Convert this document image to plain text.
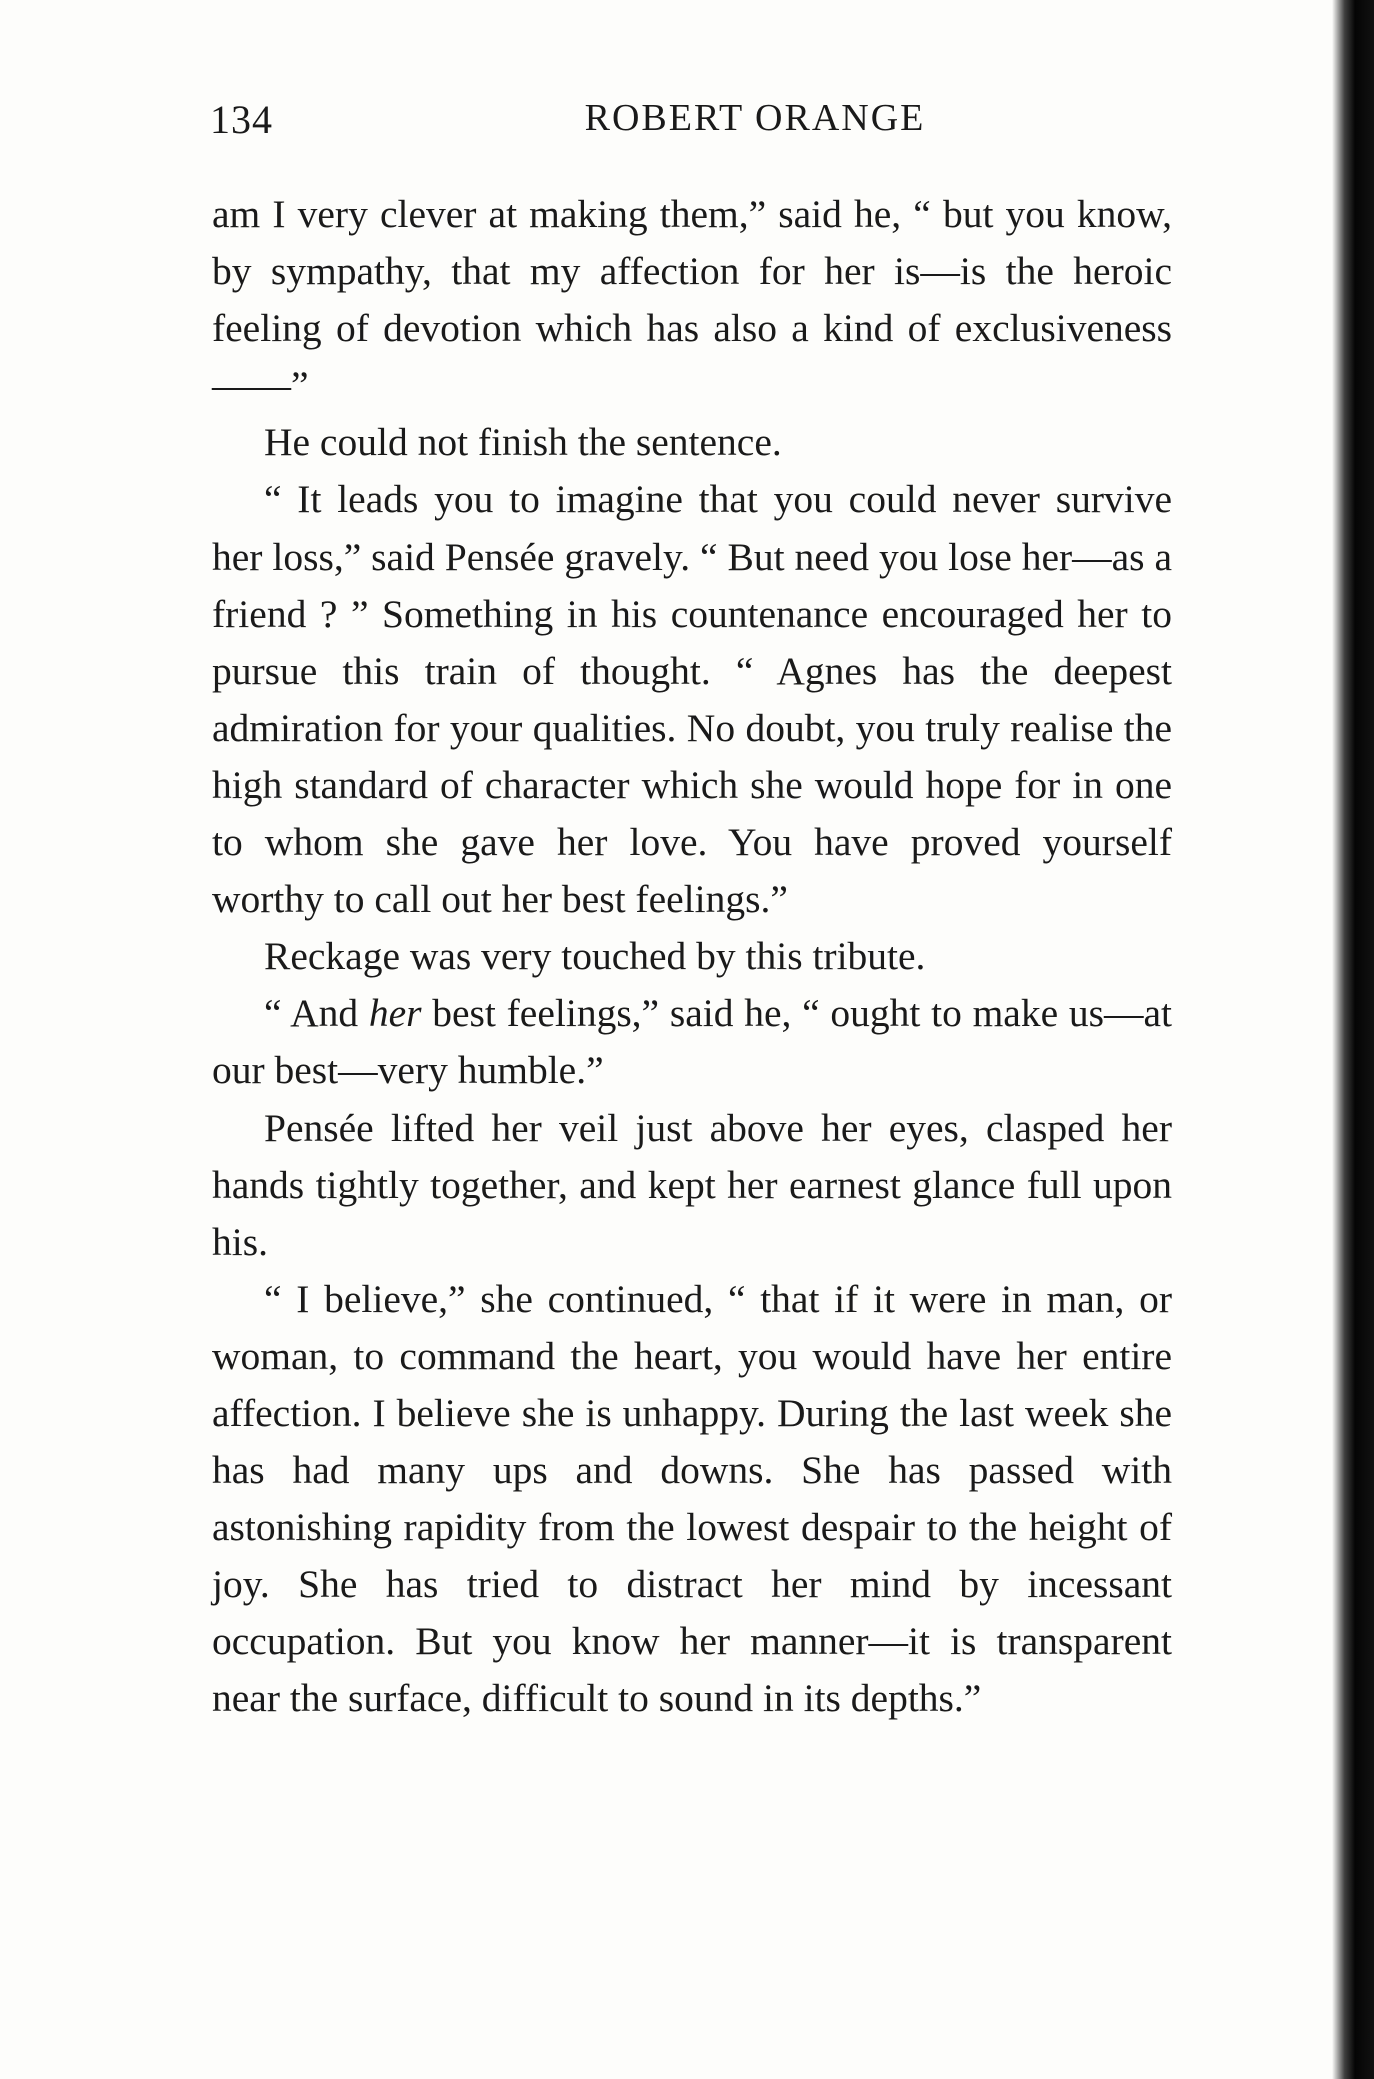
134	ROBERT ORANGE

am I very clever at making them,” said he, “ but you know, by sympathy, that my affection for her is—is the heroic feeling of devotion which has also a kind of exclusiveness——”

He could not finish the sentence.

“ It leads you to imagine that you could never survive her loss,” said Pensée gravely. “ But need you lose her—as a friend ? ” Something in his countenance encouraged her to pursue this train of thought. “ Agnes has the deepest admiration for your qualities. No doubt, you truly realise the high standard of character which she would hope for in one to whom she gave her love. You have proved yourself worthy to call out her best feelings.”

Reckage was very touched by this tribute.

“ And her best feelings,” said he, “ ought to make us—at our best—very humble.”

Pensée lifted her veil just above her eyes, clasped her hands tightly together, and kept her earnest glance full upon his.

“ I believe,” she continued, “ that if it were in man, or woman, to command the heart, you would have her entire affection. I believe she is unhappy. During the last week she has had many ups and downs. She has passed with astonishing rapidity from the lowest despair to the height of joy. She has tried to distract her mind by incessant occupation. But you know her manner—it is transparent near the surface, difficult to sound in its depths.”
